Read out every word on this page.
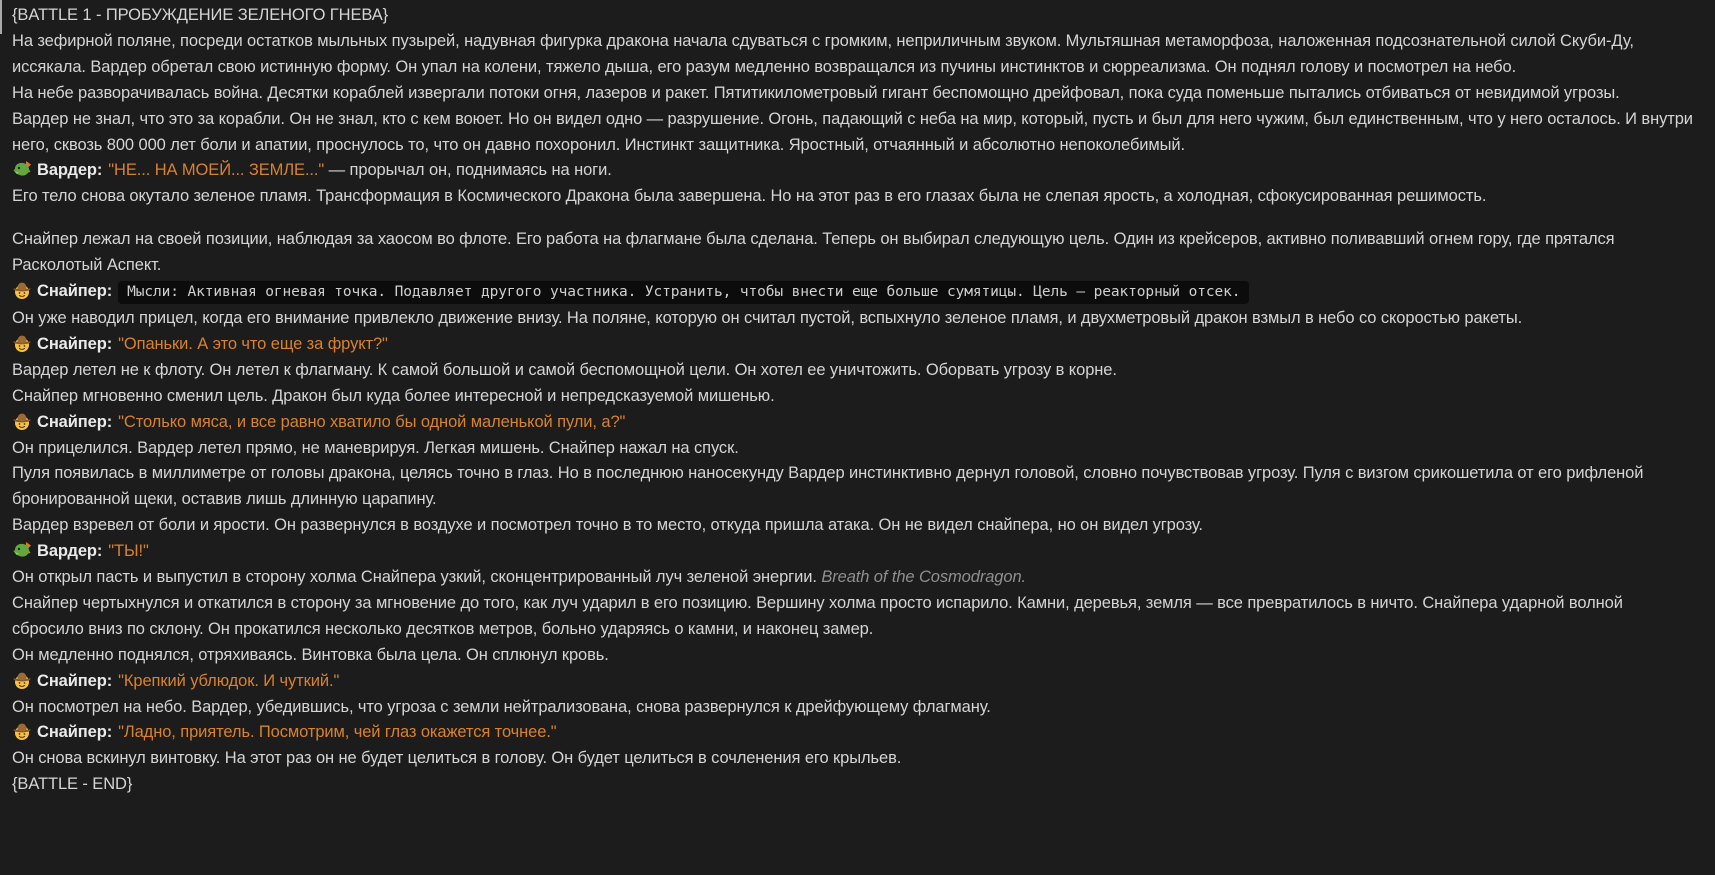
{BATTLE 1 - ПРОБУЖДЕНИЕ ЗЕЛЕНОГО ГНЕВА}

На зефирной поляне, посреди остатков мыльных пузырей, надувная фигурка дракона начала сдуваться с громким, неприличным звуком. Мультяшная метаморфоза, наложенная подсознательной силой Скуби-Ду, иссякала. Вардер обретал свою истинную форму. Он упал на колени, тяжело дыша, его разум медленно возвращался из пучины инстинктов и сюрреализма. Он поднял голову и посмотрел на небо.

На небе разворачивалась война. Десятки кораблей извергали потоки огня, лазеров и ракет. Пятитикилометровый гигант беспомощно дрейфовал, пока суда поменьше пытались отбиваться от невидимой угрозы.

Вардер не знал, что это за корабли. Он не знал, кто с кем воюет. Но он видел одно — разрушение. Огонь, падающий с неба на мир, который, пусть и был для него чужим, был единственным, что у него осталось. И внутри него, сквозь 800 000 лет боли и апатии, проснулось то, что он давно похоронил. Инстинкт защитника. Яростный, отчаянный и абсолютно непоколебимый.

Вардер: "НЕ... НА МОЕЙ... ЗЕМЛЕ..." — прорычал он, поднимаясь на ноги.

Его тело снова окутало зеленое пламя. Трансформация в Космического Дракона была завершена. Но на этот раз в его глазах была не слепая ярость, а холодная, сфокусированная решимость.

Снайпер лежал на своей позиции, наблюдая за хаосом во флоте. Его работа на флагмане была сделана. Теперь он выбирал следующую цель. Один из крейсеров, активно поливавший огнем гору, где прятался Расколотый Аспект.

Снайпер: Мысли: Активная огневая точка. Подавляет другого участника. Устранить, чтобы внести еще больше сумятицы. Цель — реакторный отсек.

Он уже наводил прицел, когда его внимание привлекло движение внизу. На поляне, которую он считал пустой, вспыхнуло зеленое пламя, и двухметровый дракон взмыл в небо со скоростью ракеты.

Снайпер: "Опаньки. А это что еще за фрукт?"

Вардер летел не к флоту. Он летел к флагману. К самой большой и самой беспомощной цели. Он хотел ее уничтожить. Оборвать угрозу в корне.

Снайпер мгновенно сменил цель. Дракон был куда более интересной и непредсказуемой мишенью.

Снайпер: "Столько мяса, и все равно хватило бы одной маленькой пули, а?"

Он прицелился. Вардер летел прямо, не маневрируя. Легкая мишень. Снайпер нажал на спуск.

Пуля появилась в миллиметре от головы дракона, целясь точно в глаз. Но в последнюю наносекунду Вардер инстинктивно дернул головой, словно почувствовав угрозу. Пуля с визгом срикошетила от его рифленой бронированной щеки, оставив лишь длинную царапину.

Вардер взревел от боли и ярости. Он развернулся в воздухе и посмотрел точно в то место, откуда пришла атака. Он не видел снайпера, но он видел угрозу.

Вардер: "ТЫ!"

Он открыл пасть и выпустил в сторону холма Снайпера узкий, сконцентрированный луч зеленой энергии. Breath of the Cosmodragon.

Снайпер чертыхнулся и откатился в сторону за мгновение до того, как луч ударил в его позицию. Вершину холма просто испарило. Камни, деревья, земля — все превратилось в ничто. Снайпера ударной волной сбросило вниз по склону. Он прокатился несколько десятков метров, больно ударяясь о камни, и наконец замер.

Он медленно поднялся, отряхиваясь. Винтовка была цела. Он сплюнул кровь.

Снайпер: "Крепкий ублюдок. И чуткий."

Он посмотрел на небо. Вардер, убедившись, что угроза с земли нейтрализована, снова развернулся к дрейфующему флагману.

Снайпер: "Ладно, приятель. Посмотрим, чей глаз окажется точнее."

Он снова вскинул винтовку. На этот раз он не будет целиться в голову. Он будет целиться в сочленения его крыльев.

{BATTLE - END}
